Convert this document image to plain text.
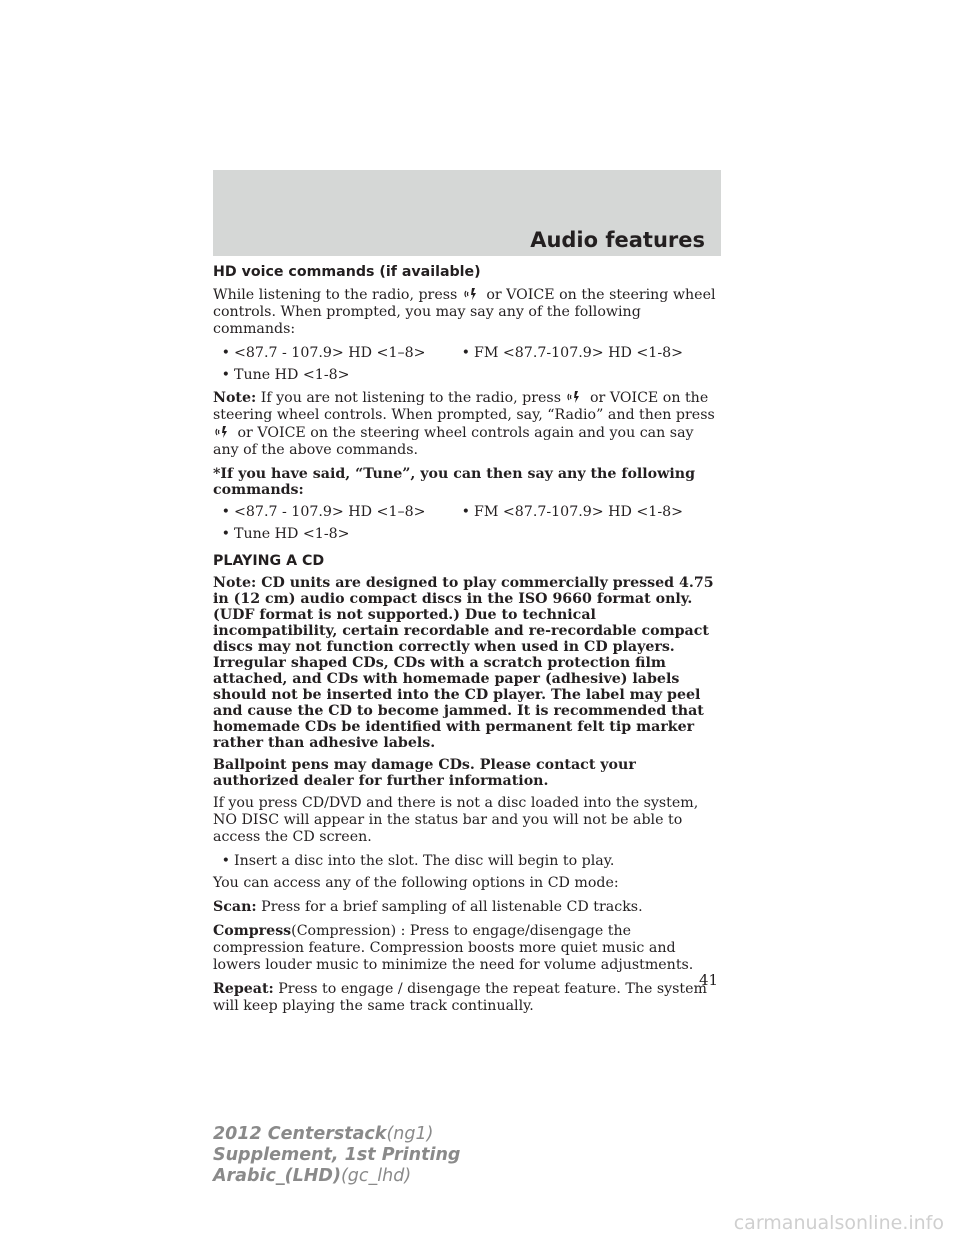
Audio features
HD voice commands (if available)

While listening to the radio, press or VOICE on the steering wheel controls. When prompted, you may say any of the following commands:

• <87.7 - 107.9> HD <1–8>	• FM <87.7-107.9> HD <1-8>
• Tune HD <1-8>

Note: If you are not listening to the radio, press or VOICE on the steering wheel controls. When prompted, say, “Radio” and then press  or VOICE on the steering wheel controls again and you can say any of the above commands.

*If you have said, “Tune”, you can then say any the following commands:

• <87.7 - 107.9> HD <1–8>	• FM <87.7-107.9> HD <1-8>
• Tune HD <1-8>
PLAYING A CD

Note: CD units are designed to play commercially pressed 4.75 in (12 cm) audio compact discs in the ISO 9660 format only. (UDF format is not supported.) Due to technical incompatibility, certain recordable and re-recordable compact discs may not function correctly when used in CD players. Irregular shaped CDs, CDs with a scratch protection film attached, and CDs with homemade paper (adhesive) labels should not be inserted into the CD player. The label may peel and cause the CD to become jammed. It is recommended that homemade CDs be identified with permanent felt tip marker rather than adhesive labels.

Ballpoint pens may damage CDs. Please contact your authorized dealer for further information.

If you press CD/DVD and there is not a disc loaded into the system, NO DISC will appear in the status bar and you will not be able to access the CD screen.

• Insert a disc into the slot. The disc will begin to play.

You can access any of the following options in CD mode:

Scan: Press for a brief sampling of all listenable CD tracks.

Compress(Compression) : Press to engage/disengage the compression feature. Compression boosts more quiet music and lowers louder music to minimize the need for volume adjustments.

Repeat: Press to engage / disengage the repeat feature. The system will keep playing the same track continually.

41
2012 Centerstack(ng1)
Supplement, 1st Printing
Arabic_(LHD)(gc_lhd)
carmanualsonline.info
